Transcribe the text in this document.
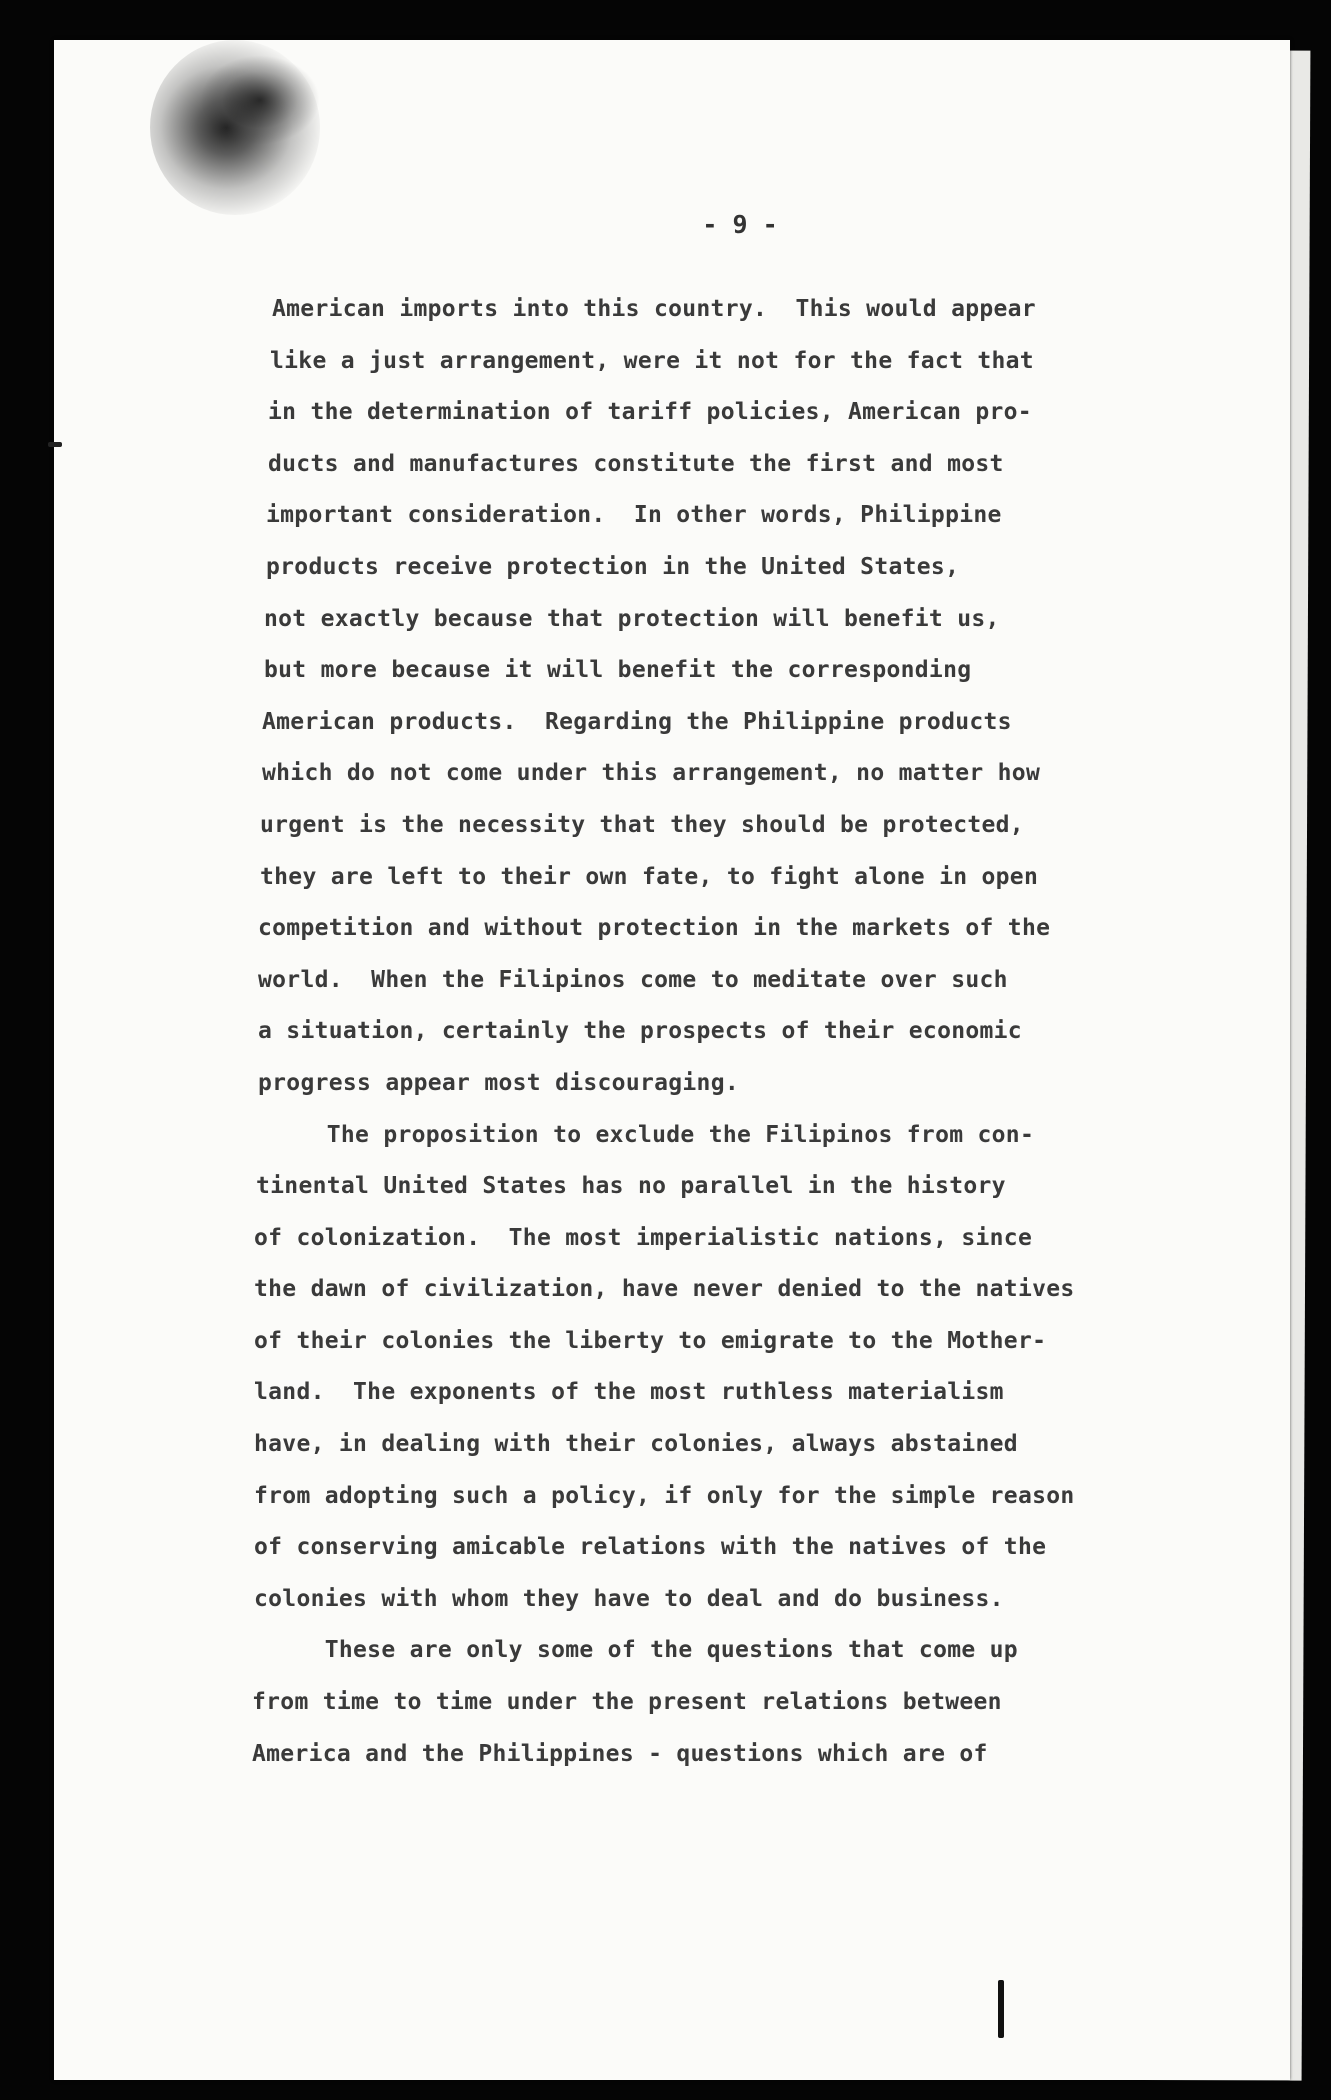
- 9 -
American imports into this country.  This would appear
like a just arrangement, were it not for the fact that
in the determination of tariff policies, American pro-
ducts and manufactures constitute the first and most
important consideration.  In other words, Philippine
products receive protection in the United States,
not exactly because that protection will benefit us,
but more because it will benefit the corresponding
American products.  Regarding the Philippine products
which do not come under this arrangement, no matter how
urgent is the necessity that they should be protected,
they are left to their own fate, to fight alone in open
competition and without protection in the markets of the
world.  When the Filipinos come to meditate over such
a situation, certainly the prospects of their economic
progress appear most discouraging.
The proposition to exclude the Filipinos from con-
tinental United States has no parallel in the history
of colonization.  The most imperialistic nations, since
the dawn of civilization, have never denied to the natives
of their colonies the liberty to emigrate to the Mother-
land.  The exponents of the most ruthless materialism
have, in dealing with their colonies, always abstained
from adopting such a policy, if only for the simple reason
of conserving amicable relations with the natives of the
colonies with whom they have to deal and do business.
These are only some of the questions that come up
from time to time under the present relations between
America and the Philippines - questions which are of
